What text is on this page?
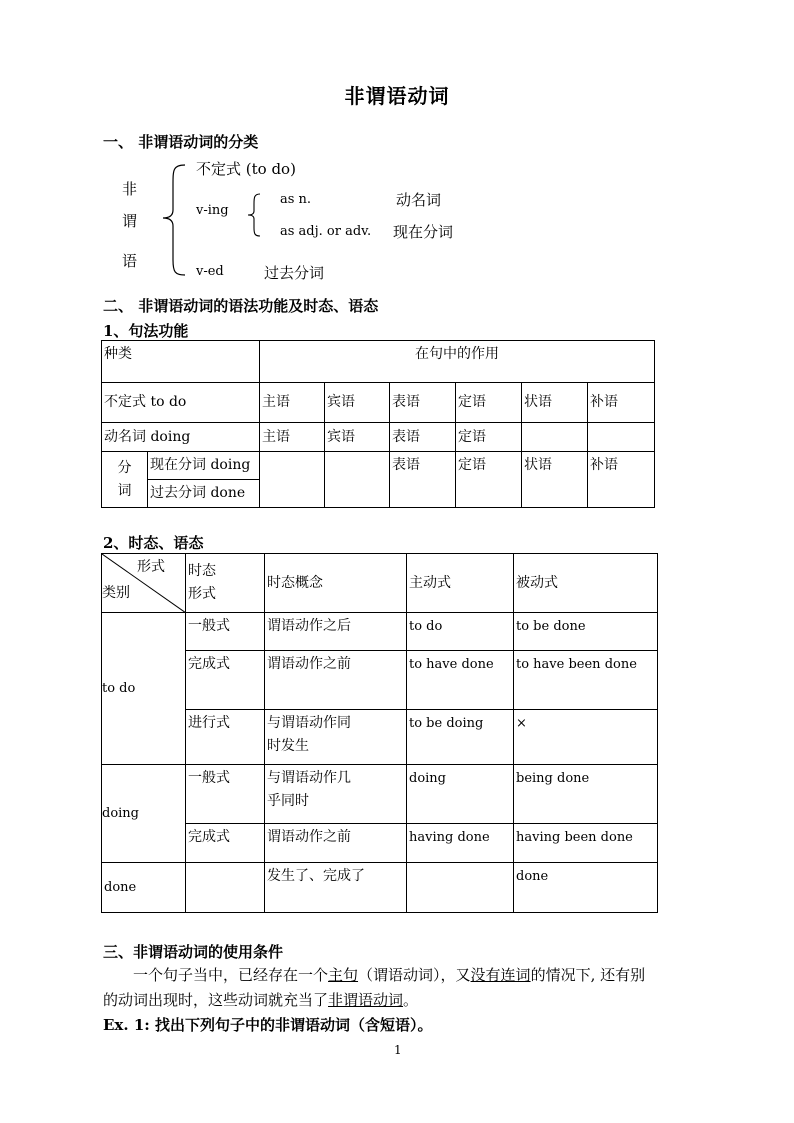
非谓语动词
一、 非谓语动词的分类
非
谓
语
不定式 (to do)
v-ing
as n.	动名词
as adj. or adv. 现在分词
v-ed	过去分词
二、 非谓语动词的语法功能及时态、语态
1、句法功能
种类		在句中的作用					
不定式 to do		主语	宾语	表语	定语	状语	补语
动名词 doing		主语	宾语	表语	定语		
分词	现在分词 doing			表语	定语	状语	补语
	过去分词 done						
2、时态、语态
形式
类别	时态形式	时态概念	主动式	被动式
to do	一般式	谓语动作之后	to do	to be done
	完成式	谓语动作之前	to have done	to have been done
	进行式	与谓语动作同时发生	to be doing	×
doing	一般式	与谓语动作几乎同时	doing	being done
	完成式	谓语动作之前	having done	having been done
done		发生了、完成了		done
三、非谓语动词的使用条件
一个句子当中，已经存在一个主句（谓语动词），又没有连词的情况下, 还有别
的动词出现时，这些动词就充当了非谓语动词。
Ex. 1: 找出下列句子中的非谓语动词（含短语）。
1
